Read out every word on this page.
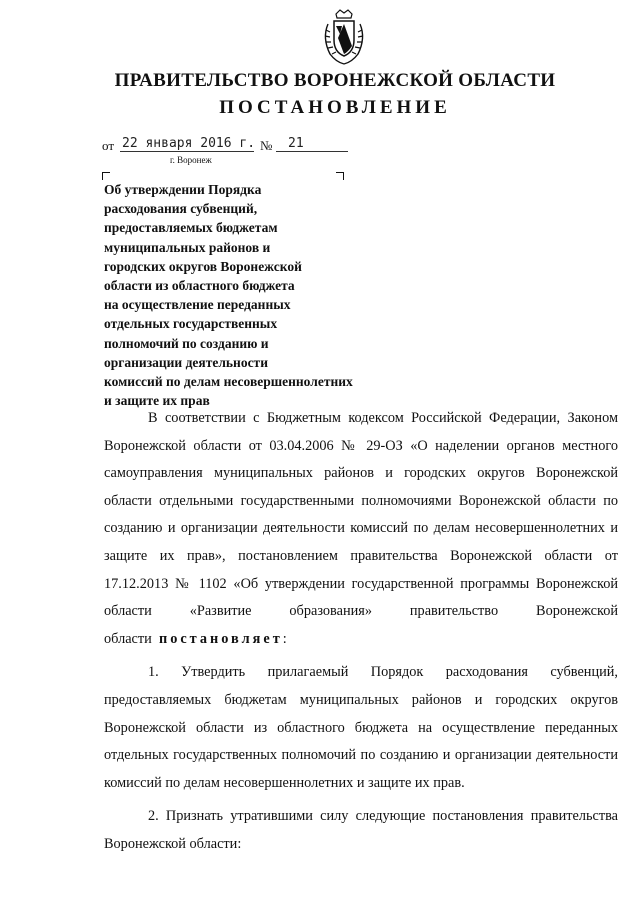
ПРАВИТЕЛЬСТВО ВОРОНЕЖСКОЙ ОБЛАСТИ
ПОСТАНОВЛЕНИЕ
от 22 января 2016 г. № 21
г. Воронеж
Об утверждении Порядка
расходования субвенций,
предоставляемых бюджетам
муниципальных районов и
городских округов Воронежской
области из областного бюджета
на осуществление переданных
отдельных государственных
полномочий по созданию и
организации деятельности
комиссий по делам несовершеннолетних
и защите их прав

В соответствии с Бюджетным кодексом Российской Федерации, Законом Воронежской области от 03.04.2006 № 29-ОЗ «О наделении органов местного самоуправления муниципальных районов и городских округов Воронежской области отдельными государственными полномочиями Воронежской области по созданию и организации деятельности комиссий по делам несовершеннолетних и защите их прав», постановлением правительства Воронежской области от 17.12.2013 № 1102 «Об утверждении государственной программы Воронежской области «Развитие образования» правительство Воронежской области постановляет:

1. Утвердить прилагаемый Порядок расходования субвенций, предоставляемых бюджетам муниципальных районов и городских округов Воронежской области из областного бюджета на осуществление переданных отдельных государственных полномочий по созданию и организации деятельности комиссий по делам несовершеннолетних и защите их прав.

2. Признать утратившими силу следующие постановления правительства Воронежской области:
